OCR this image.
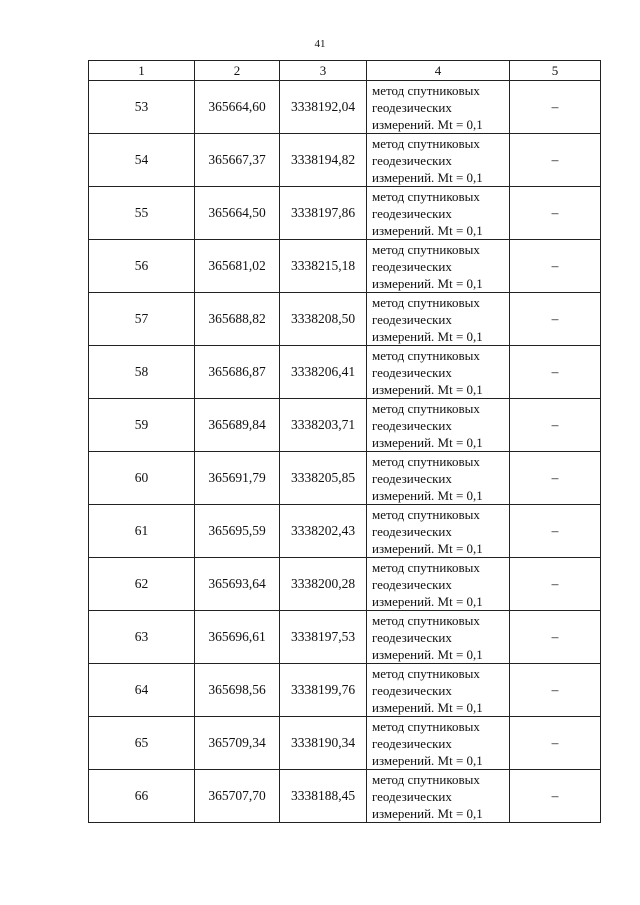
41
1	2	3	4	5
53	365664,60	3338192,04	метод спутниковых
геодезических
измерений. Mt = 0,1	–
54	365667,37	3338194,82	метод спутниковых
геодезических
измерений. Mt = 0,1	–
55	365664,50	3338197,86	метод спутниковых
геодезических
измерений. Mt = 0,1	–
56	365681,02	3338215,18	метод спутниковых
геодезических
измерений. Mt = 0,1	–
57	365688,82	3338208,50	метод спутниковых
геодезических
измерений. Mt = 0,1	–
58	365686,87	3338206,41	метод спутниковых
геодезических
измерений. Mt = 0,1	–
59	365689,84	3338203,71	метод спутниковых
геодезических
измерений. Mt = 0,1	–
60	365691,79	3338205,85	метод спутниковых
геодезических
измерений. Mt = 0,1	–
61	365695,59	3338202,43	метод спутниковых
геодезических
измерений. Mt = 0,1	–
62	365693,64	3338200,28	метод спутниковых
геодезических
измерений. Mt = 0,1	–
63	365696,61	3338197,53	метод спутниковых
геодезических
измерений. Mt = 0,1	–
64	365698,56	3338199,76	метод спутниковых
геодезических
измерений. Mt = 0,1	–
65	365709,34	3338190,34	метод спутниковых
геодезических
измерений. Mt = 0,1	–
66	365707,70	3338188,45	метод спутниковых
геодезических
измерений. Mt = 0,1	–
